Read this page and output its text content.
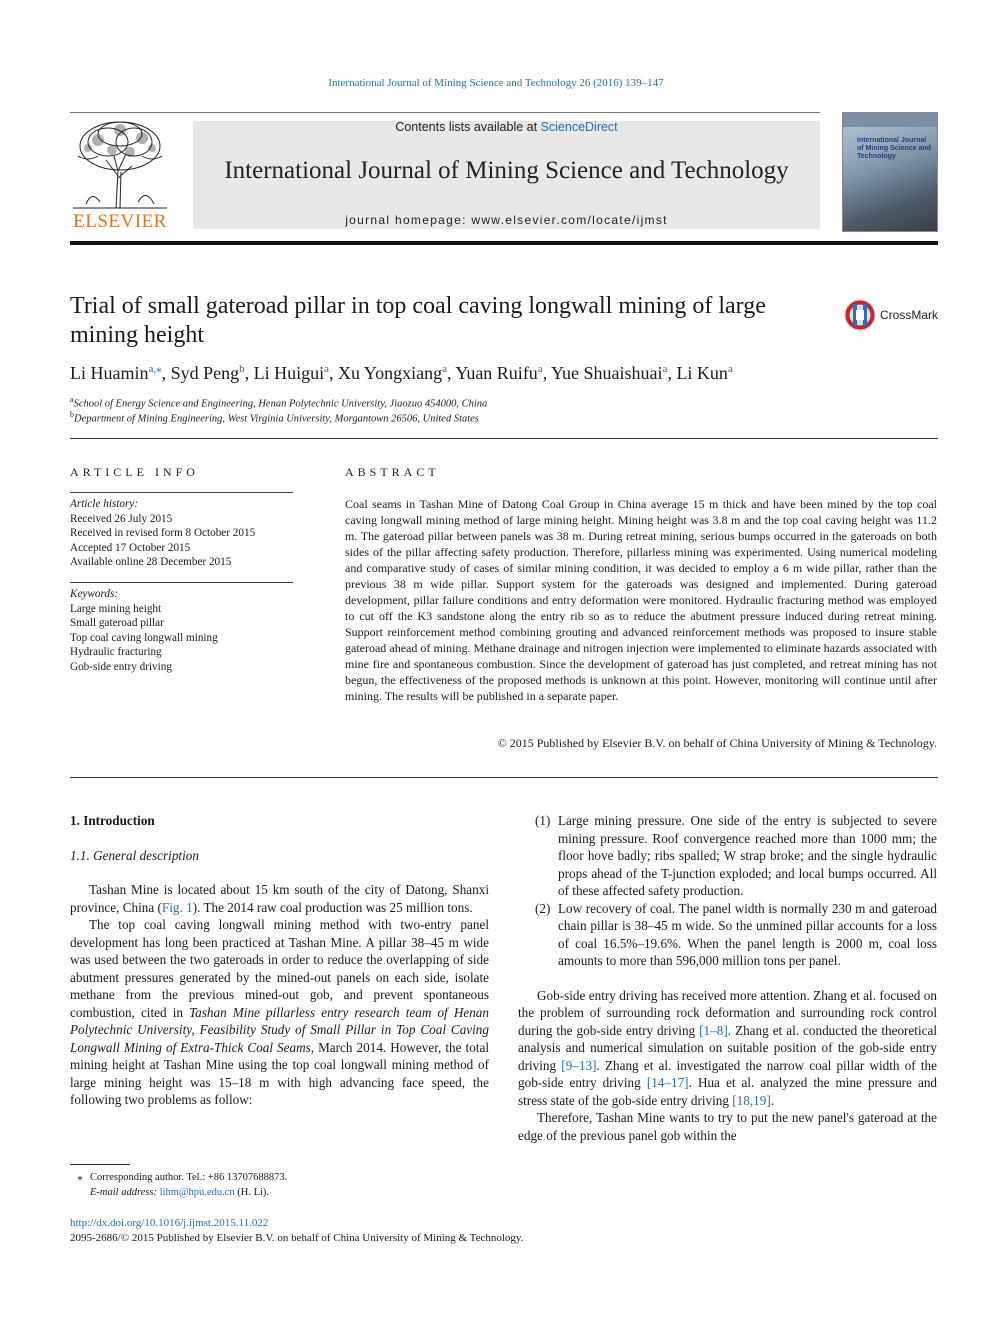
International Journal of Mining Science and Technology 26 (2016) 139–147
ELSEVIER
Contents lists available at ScienceDirect
International Journal of Mining Science and Technology
journal homepage: www.elsevier.com/locate/ijmst
International Journal of Mining Science and Technology
Trial of small gateroad pillar in top coal caving longwall mining of large mining height
CrossMark
Li Huamin$^{a,⁎}$, Syd Peng$^b$, Li Huigui$^a$, Xu Yongxiang$^a$, Yuan Ruifu$^a$, Yue Shuaishuai$^a$, Li Kun$^a$
$^a$School of Energy Science and Engineering, Henan Polytechnic University, Jiaozuo 454000, China
$^b$Department of Mining Engineering, West Virginia University, Morgantown 26506, United States
ARTICLE INFO
Article history:
Received 26 July 2015
Received in revised form 8 October 2015
Accepted 17 October 2015
Available online 28 December 2015
Keywords:
Large mining height
Small gateroad pillar
Top coal caving longwall mining
Hydraulic fracturing
Gob-side entry driving
ABSTRACT
Coal seams in Tashan Mine of Datong Coal Group in China average 15 m thick and have been mined by the top coal caving longwall mining method of large mining height. Mining height was 3.8 m and the top coal caving height was 11.2 m. The gateroad pillar between panels was 38 m. During retreat mining, serious bumps occurred in the gateroads on both sides of the pillar affecting safety production. Therefore, pillarless mining was experimented. Using numerical modeling and comparative study of cases of similar mining condition, it was decided to employ a 6 m wide pillar, rather than the previous 38 m wide pillar. Support system for the gateroads was designed and implemented. During gateroad development, pillar failure conditions and entry deformation were monitored. Hydraulic fracturing method was employed to cut off the K3 sandstone along the entry rib so as to reduce the abutment pressure induced during retreat mining. Support reinforcement method combining grouting and advanced reinforcement methods was proposed to insure stable gateroad ahead of mining. Methane drainage and nitrogen injection were implemented to eliminate hazards associated with mine fire and spontaneous combustion. Since the development of gateroad has just completed, and retreat mining has not begun, the effectiveness of the proposed methods is unknown at this point. However, monitoring will continue until after mining. The results will be published in a separate paper.
© 2015 Published by Elsevier B.V. on behalf of China University of Mining & Technology.
1. Introduction
1.1. General description

Tashan Mine is located about 15 km south of the city of Datong, Shanxi province, China (Fig. 1). The 2014 raw coal production was 25 million tons.

The top coal caving longwall mining method with two-entry panel development has long been practiced at Tashan Mine. A pillar 38–45 m wide was used between the two gateroads in order to reduce the overlapping of side abutment pressures generated by the mined-out panels on each side, isolate methane from the previous mined-out gob, and prevent spontaneous combustion, cited in Tashan Mine pillarless entry research team of Henan Polytechnic University, Feasibility Study of Small Pillar in Top Coal Caving Longwall Mining of Extra-Thick Coal Seams, March 2014. However, the total mining height at Tashan Mine using the top coal longwall mining method of large mining height was 15–18 m with high advancing face speed, the following two problems as follow:

(1) Large mining pressure. One side of the entry is subjected to severe mining pressure. Roof convergence reached more than 1000 mm; the floor hove badly; ribs spalled; W strap broke; and the single hydraulic props ahead of the T-junction exploded; and local bumps occurred. All of these affected safety production.
(2) Low recovery of coal. The panel width is normally 230 m and gateroad chain pillar is 38–45 m wide. So the unmined pillar accounts for a loss of coal 16.5%–19.6%. When the panel length is 2000 m, coal loss amounts to more than 596,000 million tons per panel.

Gob-side entry driving has received more attention. Zhang et al. focused on the problem of surrounding rock deformation and surrounding rock control during the gob-side entry driving [1–8]. Zhang et al. conducted the theoretical analysis and numerical simulation on suitable position of the gob-side entry driving [9–13]. Zhang et al. investigated the narrow coal pillar width of the gob-side entry driving [14–17]. Hua et al. analyzed the mine pressure and stress state of the gob-side entry driving [18,19].

Therefore, Tashan Mine wants to try to put the new panel's gateroad at the edge of the previous panel gob within the

⁎ Corresponding author. Tel.: +86 13707688873.
E-mail address: lihm@hpu.edu.cn (H. Li).
http://dx.doi.org/10.1016/j.ijmst.2015.11.022
2095-2686/© 2015 Published by Elsevier B.V. on behalf of China University of Mining & Technology.
